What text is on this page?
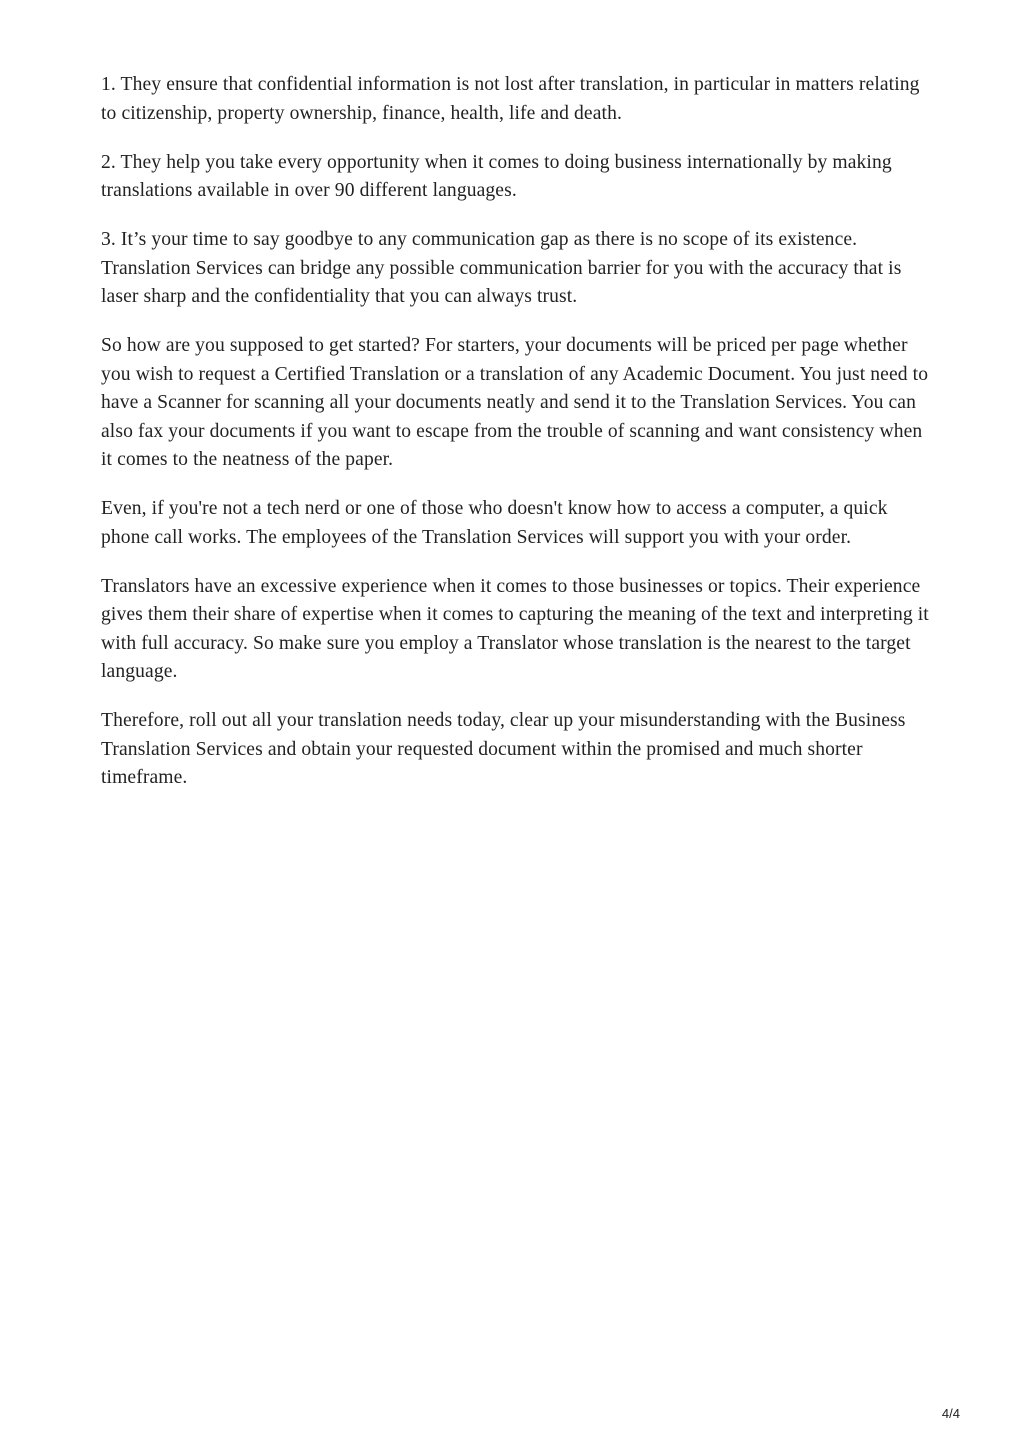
1. They ensure that confidential information is not lost after translation, in particular in matters relating to citizenship, property ownership, finance, health, life and death.

2. They help you take every opportunity when it comes to doing business internationally by making translations available in over 90 different languages.

3. It’s your time to say goodbye to any communication gap as there is no scope of its existence. Translation Services can bridge any possible communication barrier for you with the accuracy that is laser sharp and the confidentiality that you can always trust.

So how are you supposed to get started? For starters, your documents will be priced per page whether you wish to request a Certified Translation or a translation of any Academic Document. You just need to have a Scanner for scanning all your documents neatly and send it to the Translation Services. You can also fax your documents if you want to escape from the trouble of scanning and want consistency when it comes to the neatness of the paper.

Even, if you're not a tech nerd or one of those who doesn't know how to access a computer, a quick phone call works. The employees of the Translation Services will support you with your order.

Translators have an excessive experience when it comes to those businesses or topics. Their experience gives them their share of expertise when it comes to capturing the meaning of the text and interpreting it with full accuracy. So make sure you employ a Translator whose translation is the nearest to the target language.

Therefore, roll out all your translation needs today, clear up your misunderstanding with the Business Translation Services and obtain your requested document within the promised and much shorter timeframe.

4/4
